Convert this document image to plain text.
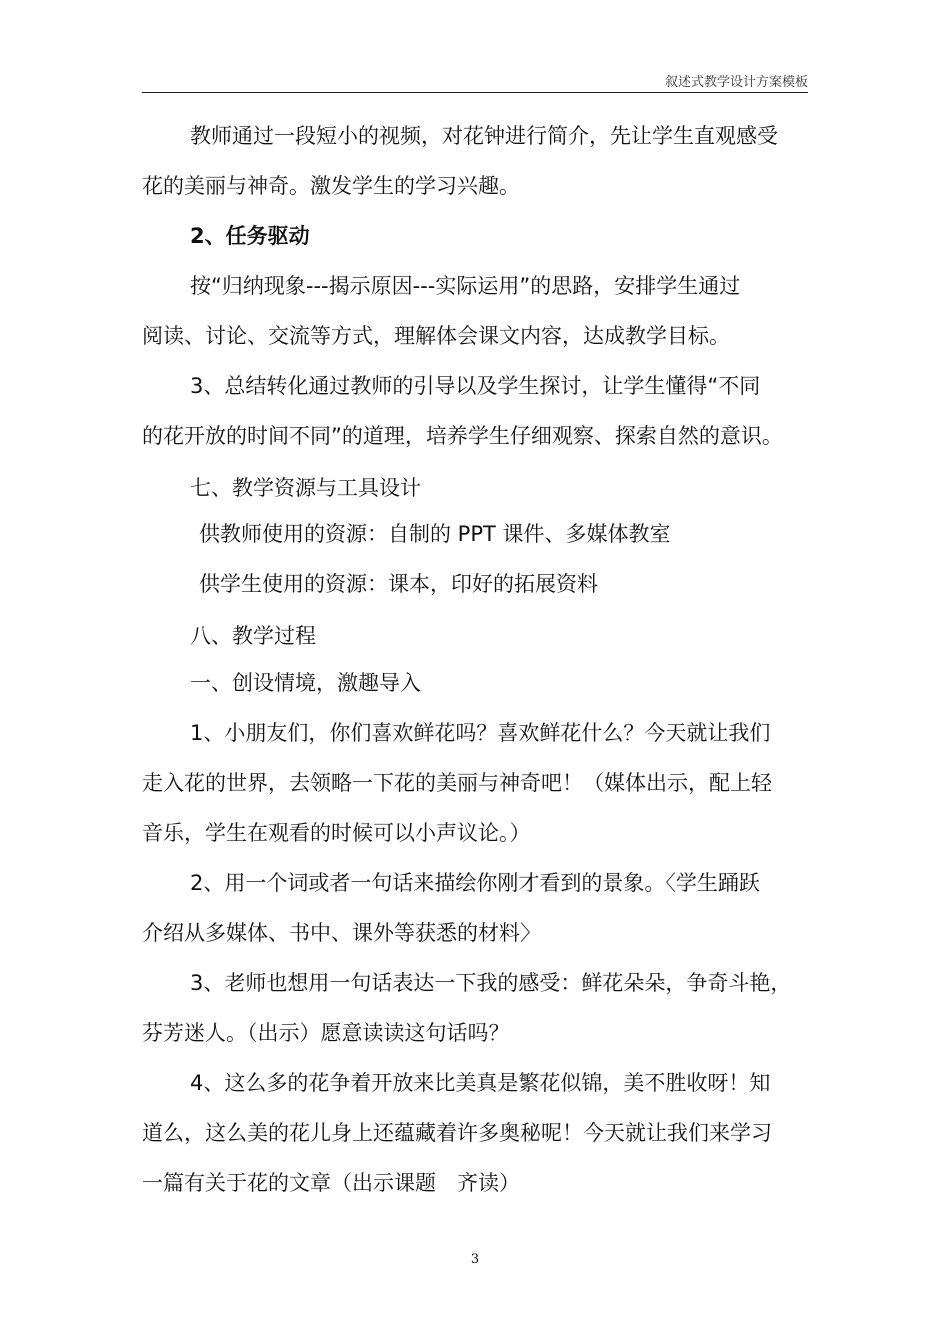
叙述式教学设计方案模板
教师通过一段短小的视频，对花钟进行简介，先让学生直观感受
花的美丽与神奇。激发学生的学习兴趣。
2、任务驱动
按“归纳现象---揭示原因---实际运用”的思路，安排学生通过
阅读、讨论、交流等方式，理解体会课文内容，达成教学目标。
3、总结转化通过教师的引导以及学生探讨，让学生懂得“不同
的花开放的时间不同”的道理，培养学生仔细观察、探索自然的意识。
七、教学资源与工具设计
供教师使用的资源：自制的 PPT 课件、多媒体教室
供学生使用的资源：课本，印好的拓展资料
八、教学过程
一、创设情境，激趣导入
1、小朋友们，你们喜欢鲜花吗？喜欢鲜花什么？今天就让我们
走入花的世界，去领略一下花的美丽与神奇吧！（媒体出示，配上轻
音乐，学生在观看的时候可以小声议论。）
2、用一个词或者一句话来描绘你刚才看到的景象。〈学生踊跃
介绍从多媒体、书中、课外等获悉的材料〉
3、老师也想用一句话表达一下我的感受：鲜花朵朵，争奇斗艳，
芬芳迷人。（出示）愿意读读这句话吗？
4、这么多的花争着开放来比美真是繁花似锦，美不胜收呀！知
道么，这么美的花儿身上还蕴藏着许多奥秘呢！今天就让我们来学习
一篇有关于花的文章（出示课题　齐读）
3
